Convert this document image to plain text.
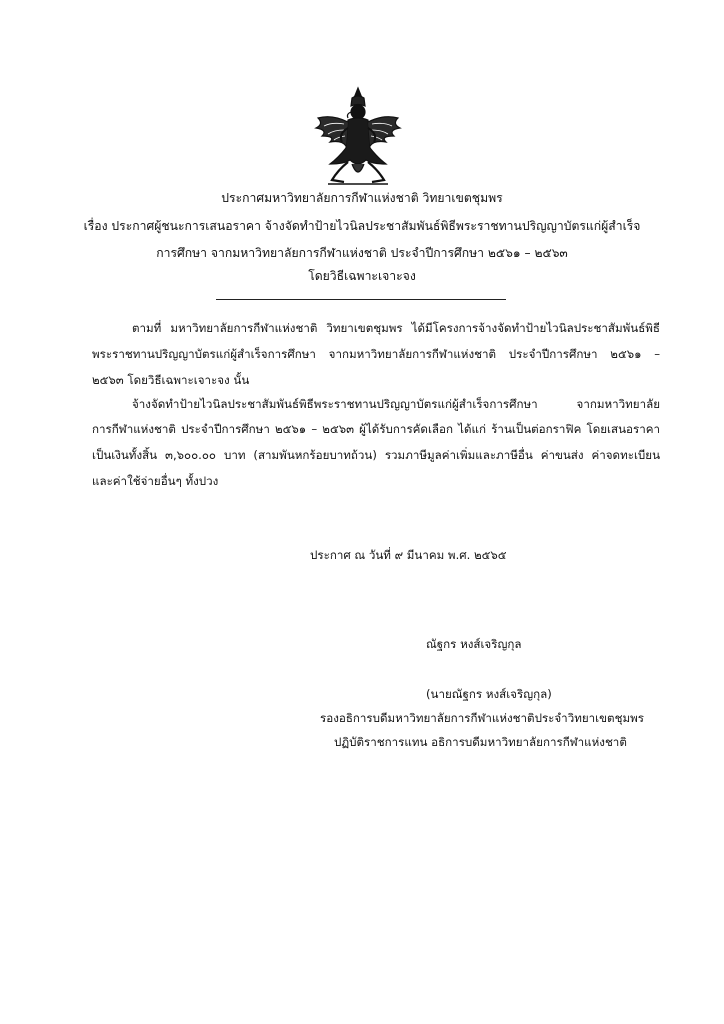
ประกาศมหาวิทยาลัยการกีฬาแห่งชาติ วิทยาเขตชุมพร
เรื่อง ประกาศผู้ชนะการเสนอราคา จ้างจัดทำป้ายไวนิลประชาสัมพันธ์พิธีพระราชทานปริญญาบัตรแก่ผู้สำเร็จ
การศึกษา จากมหาวิทยาลัยการกีฬาแห่งชาติ ประจำปีการศึกษา ๒๕๖๑ – ๒๕๖๓
โดยวิธีเฉพาะเจาะจง
ตามที่ มหาวิทยาลัยการกีฬาแห่งชาติ วิทยาเขตชุมพร ได้มีโครงการจ้างจัดทำป้ายไวนิลประชาสัมพันธ์พิธี
พระราชทานปริญญาบัตรแก่ผู้สำเร็จการศึกษา จากมหาวิทยาลัยการกีฬาแห่งชาติ ประจำปีการศึกษา ๒๕๖๑ –
๒๕๖๓ โดยวิธีเฉพาะเจาะจง นั้น
จ้างจัดทำป้ายไวนิลประชาสัมพันธ์พิธีพระราชทานปริญญาบัตรแก่ผู้สำเร็จการศึกษา จากมหาวิทยาลัย
การกีฬาแห่งชาติ ประจำปีการศึกษา ๒๕๖๑ – ๒๕๖๓ ผู้ได้รับการคัดเลือก ได้แก่ ร้านเป็นต่อกราฟิค โดยเสนอราคา
เป็นเงินทั้งสิ้น ๓,๖๐๐.๐๐ บาท (สามพันหกร้อยบาทถ้วน) รวมภาษีมูลค่าเพิ่มและภาษีอื่น ค่าขนส่ง ค่าจดทะเบียน
และค่าใช้จ่ายอื่นๆ ทั้งปวง
ประกาศ ณ วันที่ ๙ มีนาคม พ.ศ. ๒๕๖๕
ณัฐกร หงส์เจริญกุล
(นายณัฐกร หงส์เจริญกุล)
รองอธิการบดีมหาวิทยาลัยการกีฬาแห่งชาติประจำวิทยาเขตชุมพร
ปฏิบัติราชการแทน อธิการบดีมหาวิทยาลัยการกีฬาแห่งชาติ
